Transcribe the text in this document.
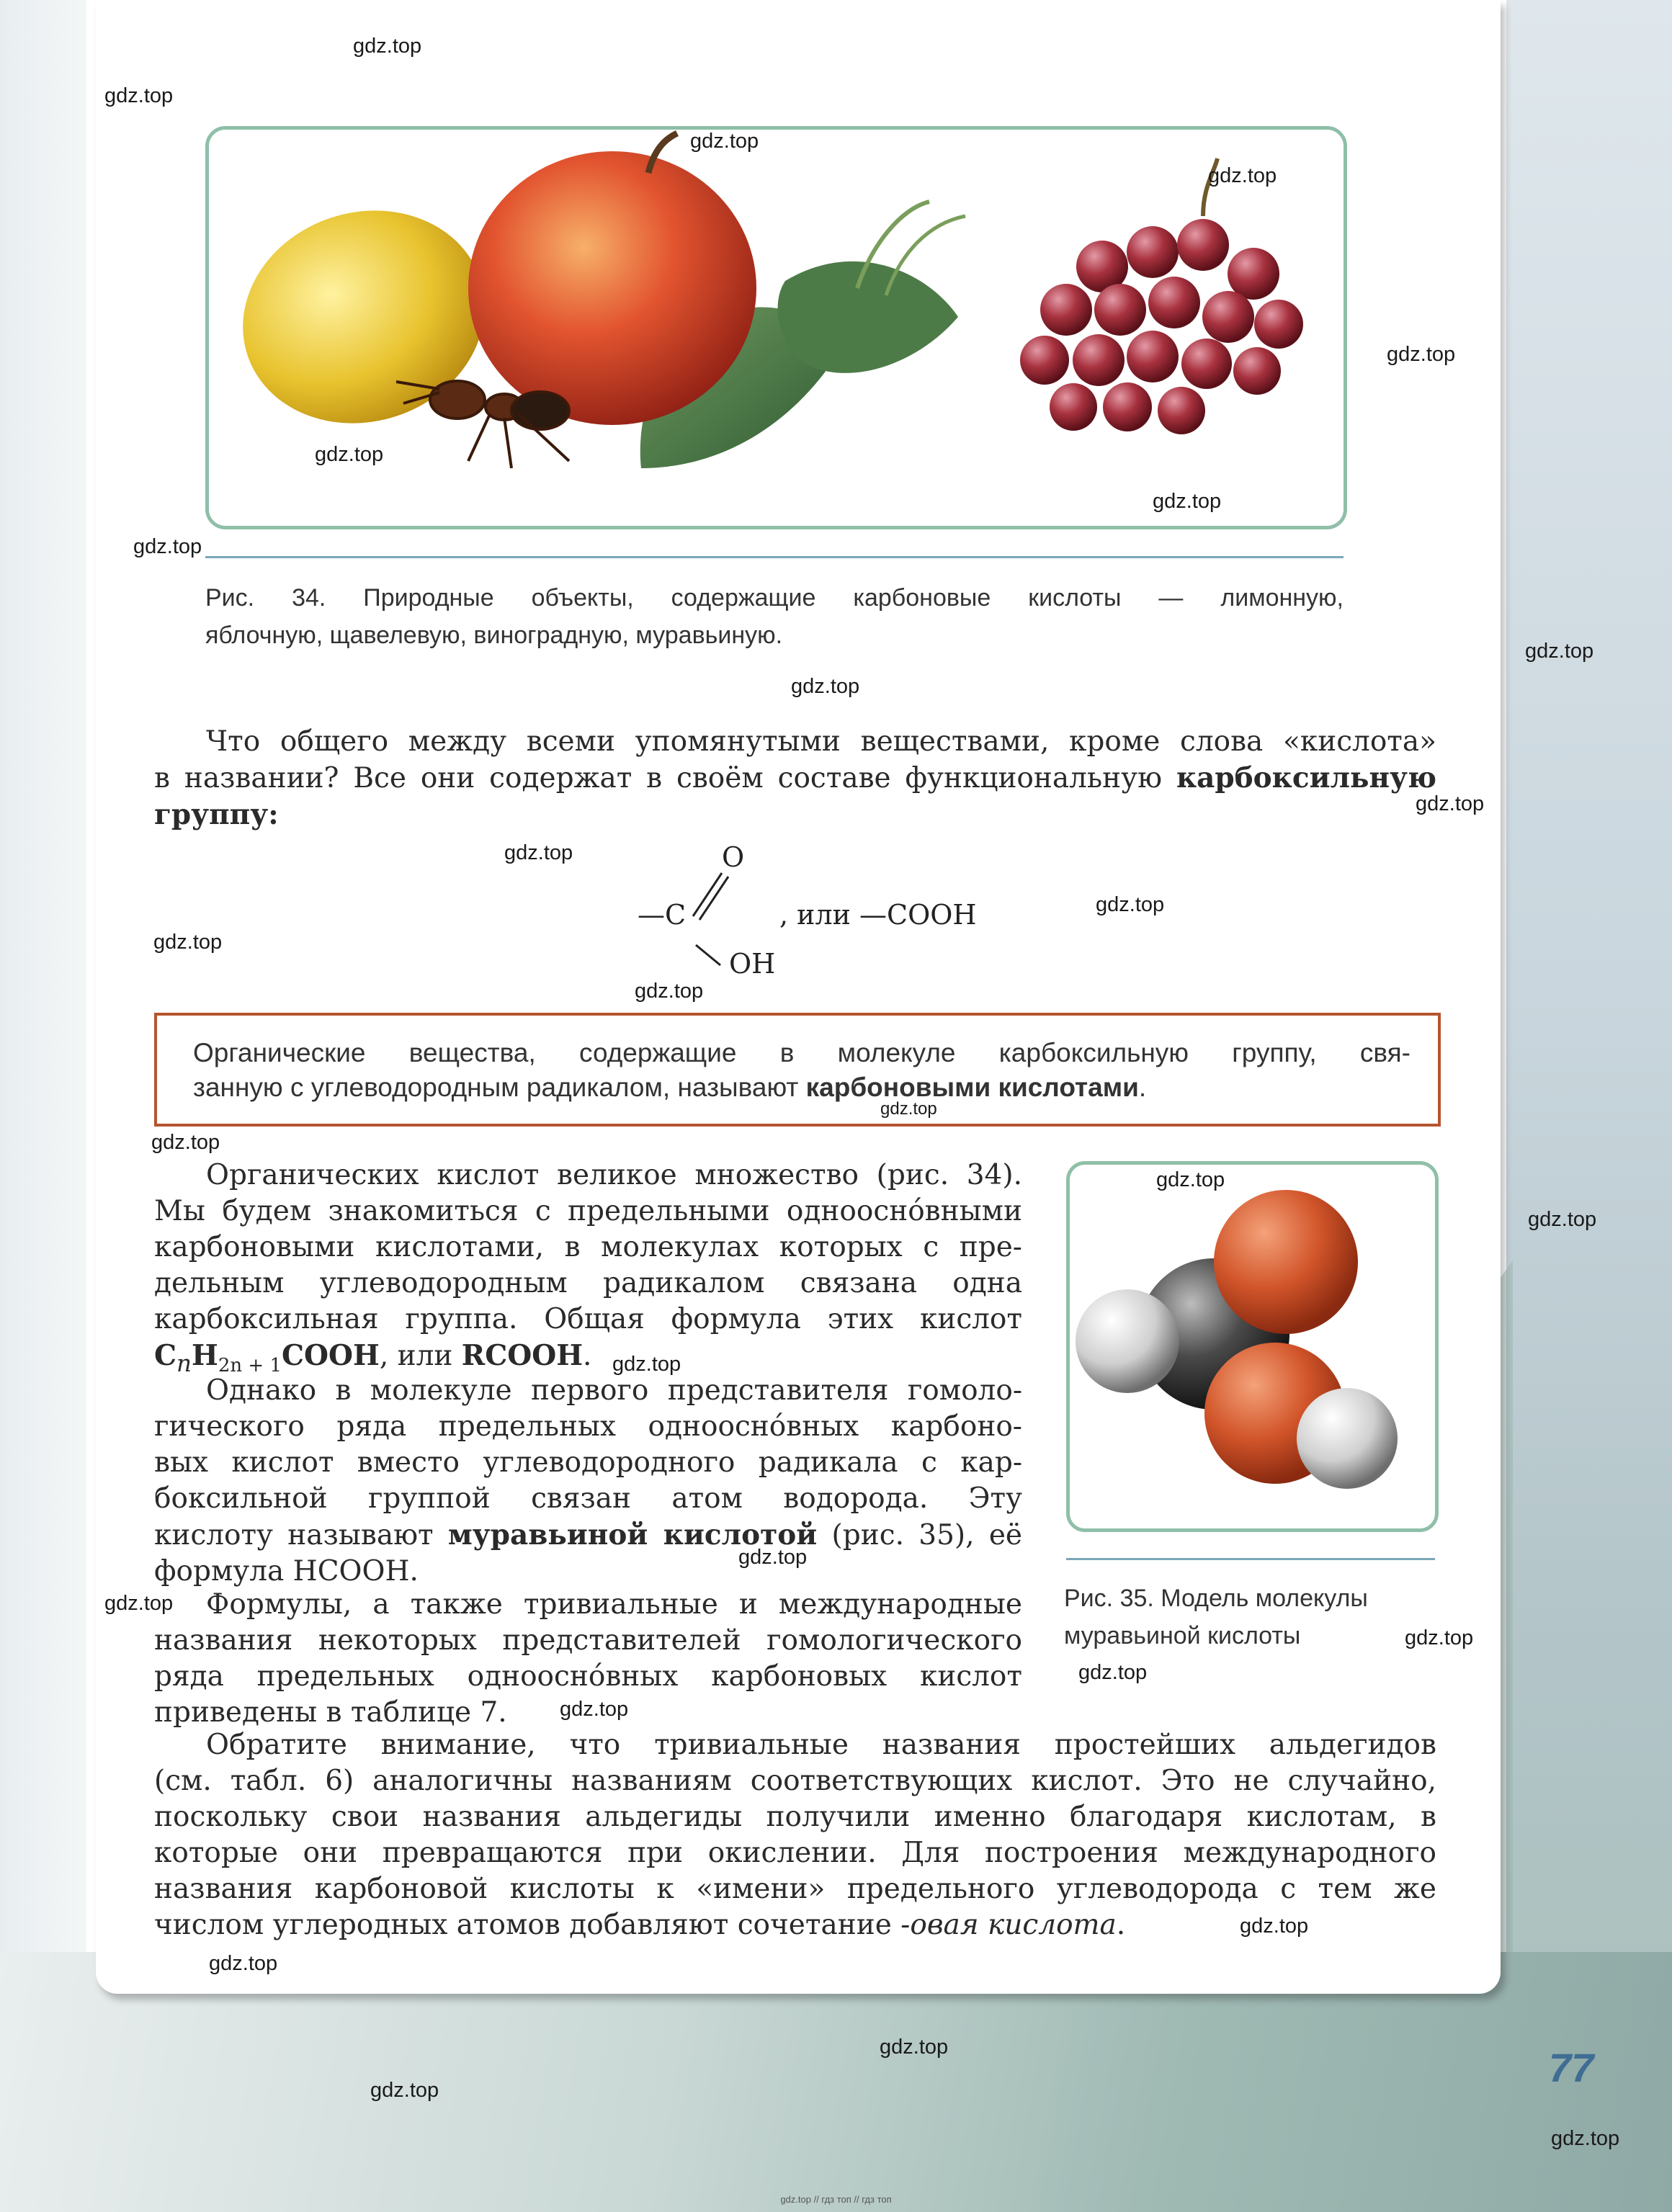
Рис. 34. Природные объекты, содержащие карбоновые кислоты — лимонную,
яблочную, щавелевую, виноградную, муравьиную.
Что общего между всеми упомянутыми веществами, кроме слова «кислота»
в названии? Все они содержат в своём составе функциональную карбоксильную
группу:
O
—C
OH
, или —COOH
Органические вещества, содержащие в молекуле карбоксильную группу, свя-
занную с углеводородным радикалом, называют карбоновыми кислотами.
Органических кислот великое множество (рис. 34).
Мы будем знакомиться с предельными одноосно́вными
карбоновыми кислотами, в молекулах которых с пре-
дельным углеводородным радикалом связана одна
карбоксильная группа. Общая формула этих кислот
$C_nH_{2n + 1}COOH$, или RCOOH.
Однако в молекуле первого представителя гомоло-
гического ряда предельных одноосно́вных карбоно-
вых кислот вместо углеводородного радикала с кар-
боксильной группой связан атом водорода. Эту
кислоту называют муравьиной кислотой (рис. 35), её
формула HCOOH.
Формулы, а также тривиальные и международные
названия некоторых представителей гомологического
ряда предельных одноосно́вных карбоновых кислот
приведены в таблице 7.
Рис. 35. Модель молекулы
муравьиной кислоты
Обратите внимание, что тривиальные названия простейших альдегидов
(см. табл. 6) аналогичны названиям соответствующих кислот. Это не случайно,
поскольку свои названия альдегиды получили именно благодаря кислотам, в
которые они превращаются при окислении. Для построения международного
названия карбоновой кислоты к «имени» предельного углеводорода с тем же
числом углеродных атомов добавляют сочетание -овая кислота.
77
gdz.top
gdz.top
gdz.top
gdz.top
gdz.top
gdz.top
gdz.top
gdz.top
gdz.top
gdz.top
gdz.top
gdz.top
gdz.top
gdz.top
gdz.top
gdz.top
gdz.top
gdz.top
gdz.top
gdz.top
gdz.top
gdz.top
gdz.top
gdz.top
gdz.top
gdz.top
gdz.top
gdz.top
gdz.top
gdz.top
gdz.top // гдз топ // гдз топ
